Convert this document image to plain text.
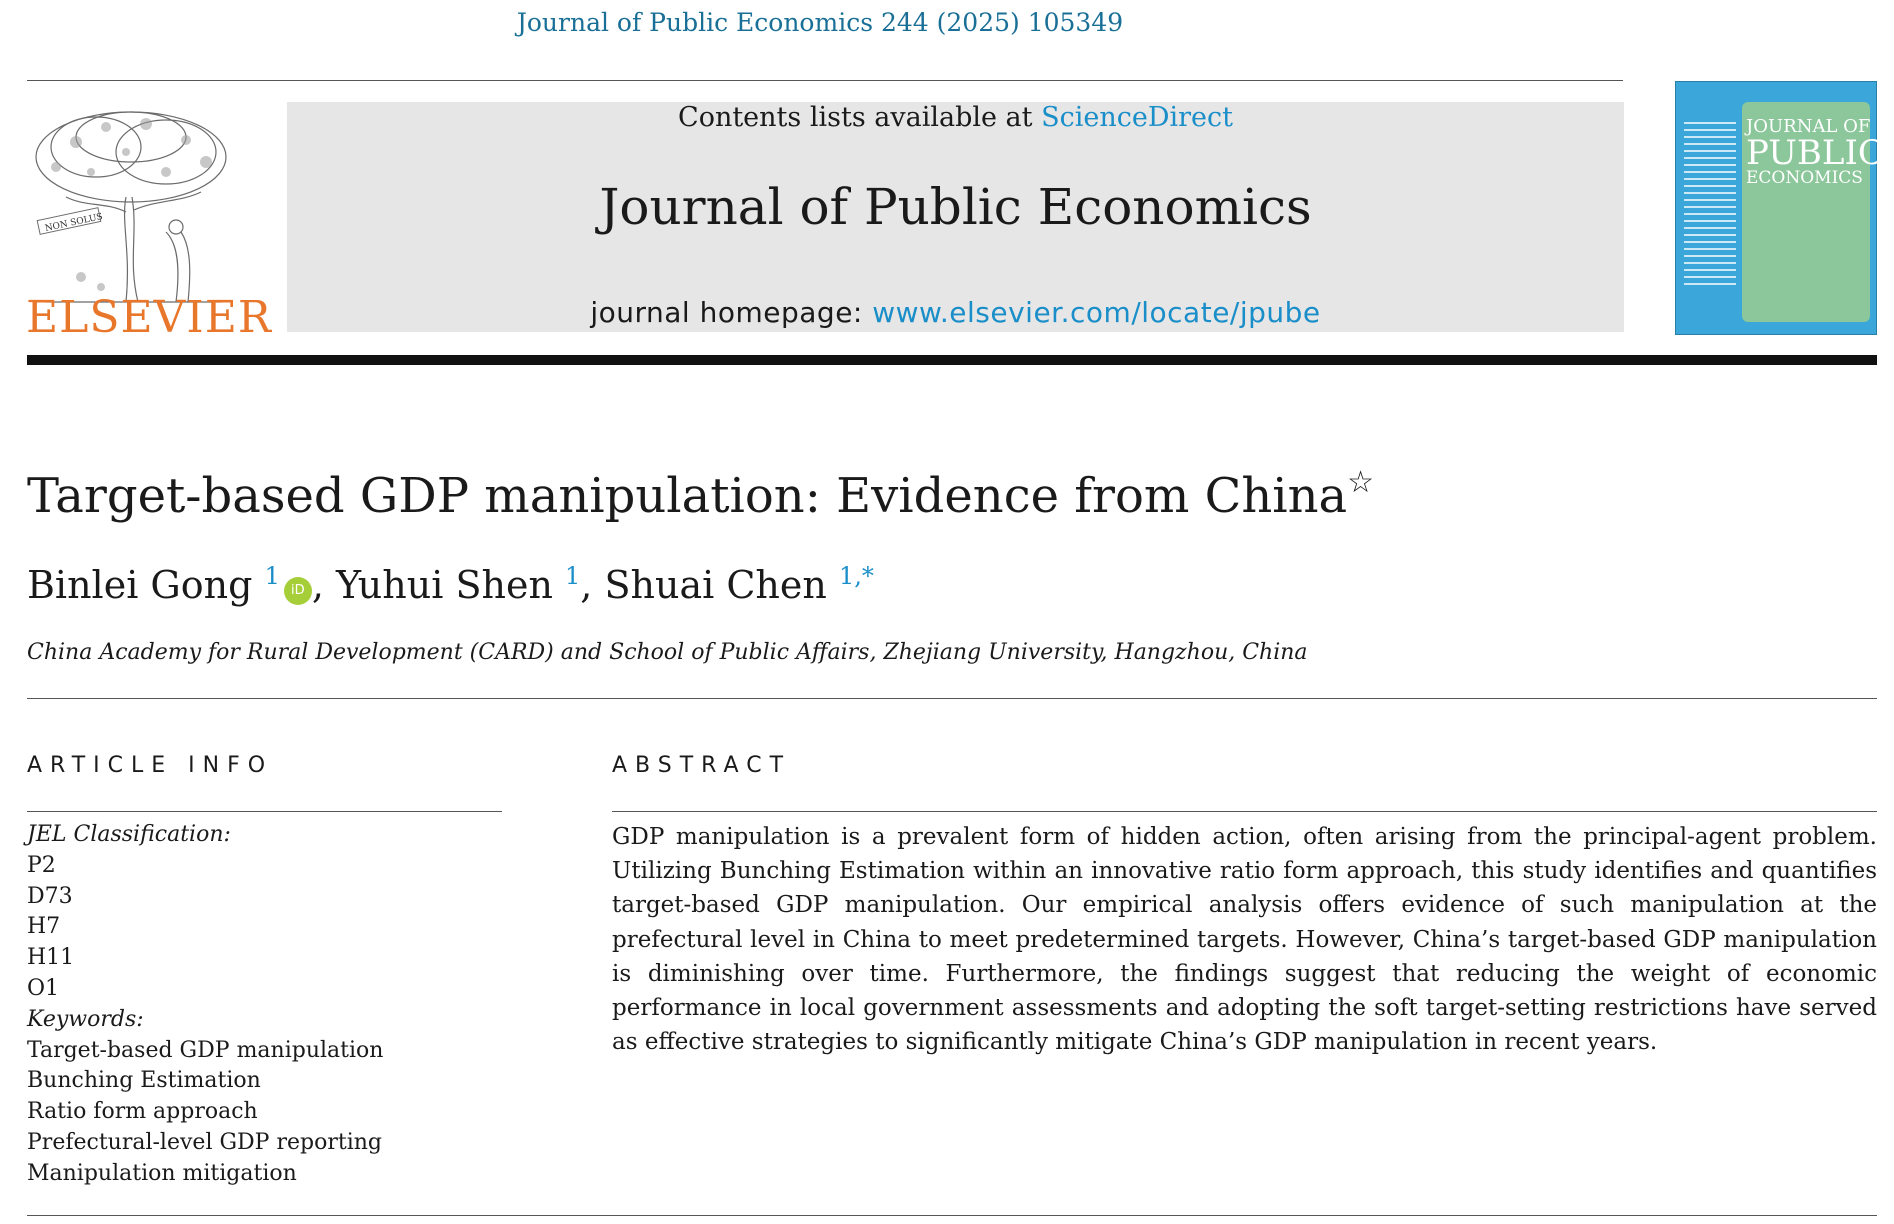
Journal of Public Economics 244 (2025) 105349
NON SOLUS
ELSEVIER
Contents lists available at ScienceDirect
Journal of Public Economics
journal homepage: www.elsevier.com/locate/jpube
JOURNAL OF
PUBLIC
ECONOMICS
Target-based GDP manipulation: Evidence from China☆
Binlei Gong $^1$iD , Yuhui Shen $^1$, Shuai Chen $^{1,*}$
China Academy for Rural Development (CARD) and School of Public Affairs, Zhejiang University, Hangzhou, China
ARTICLE INFO
JEL Classification:
P2
D73
H7
H11
O1
Keywords:
Target-based GDP manipulation
Bunching Estimation
Ratio form approach
Prefectural-level GDP reporting
Manipulation mitigation
ABSTRACT
GDP manipulation is a prevalent form of hidden action, often arising from the principal-agent problem. Utilizing Bunching Estimation within an innovative ratio form approach, this study identifies and quantifies target-based GDP manipulation. Our empirical analysis offers evidence of such manipulation at the prefectural level in China to meet predetermined targets. However, China’s target-based GDP manipulation is diminishing over time. Furthermore, the findings suggest that reducing the weight of economic performance in local government assessments and adopting the soft target-setting restrictions have served as effective strategies to significantly mitigate China’s GDP manipulation in recent years.
